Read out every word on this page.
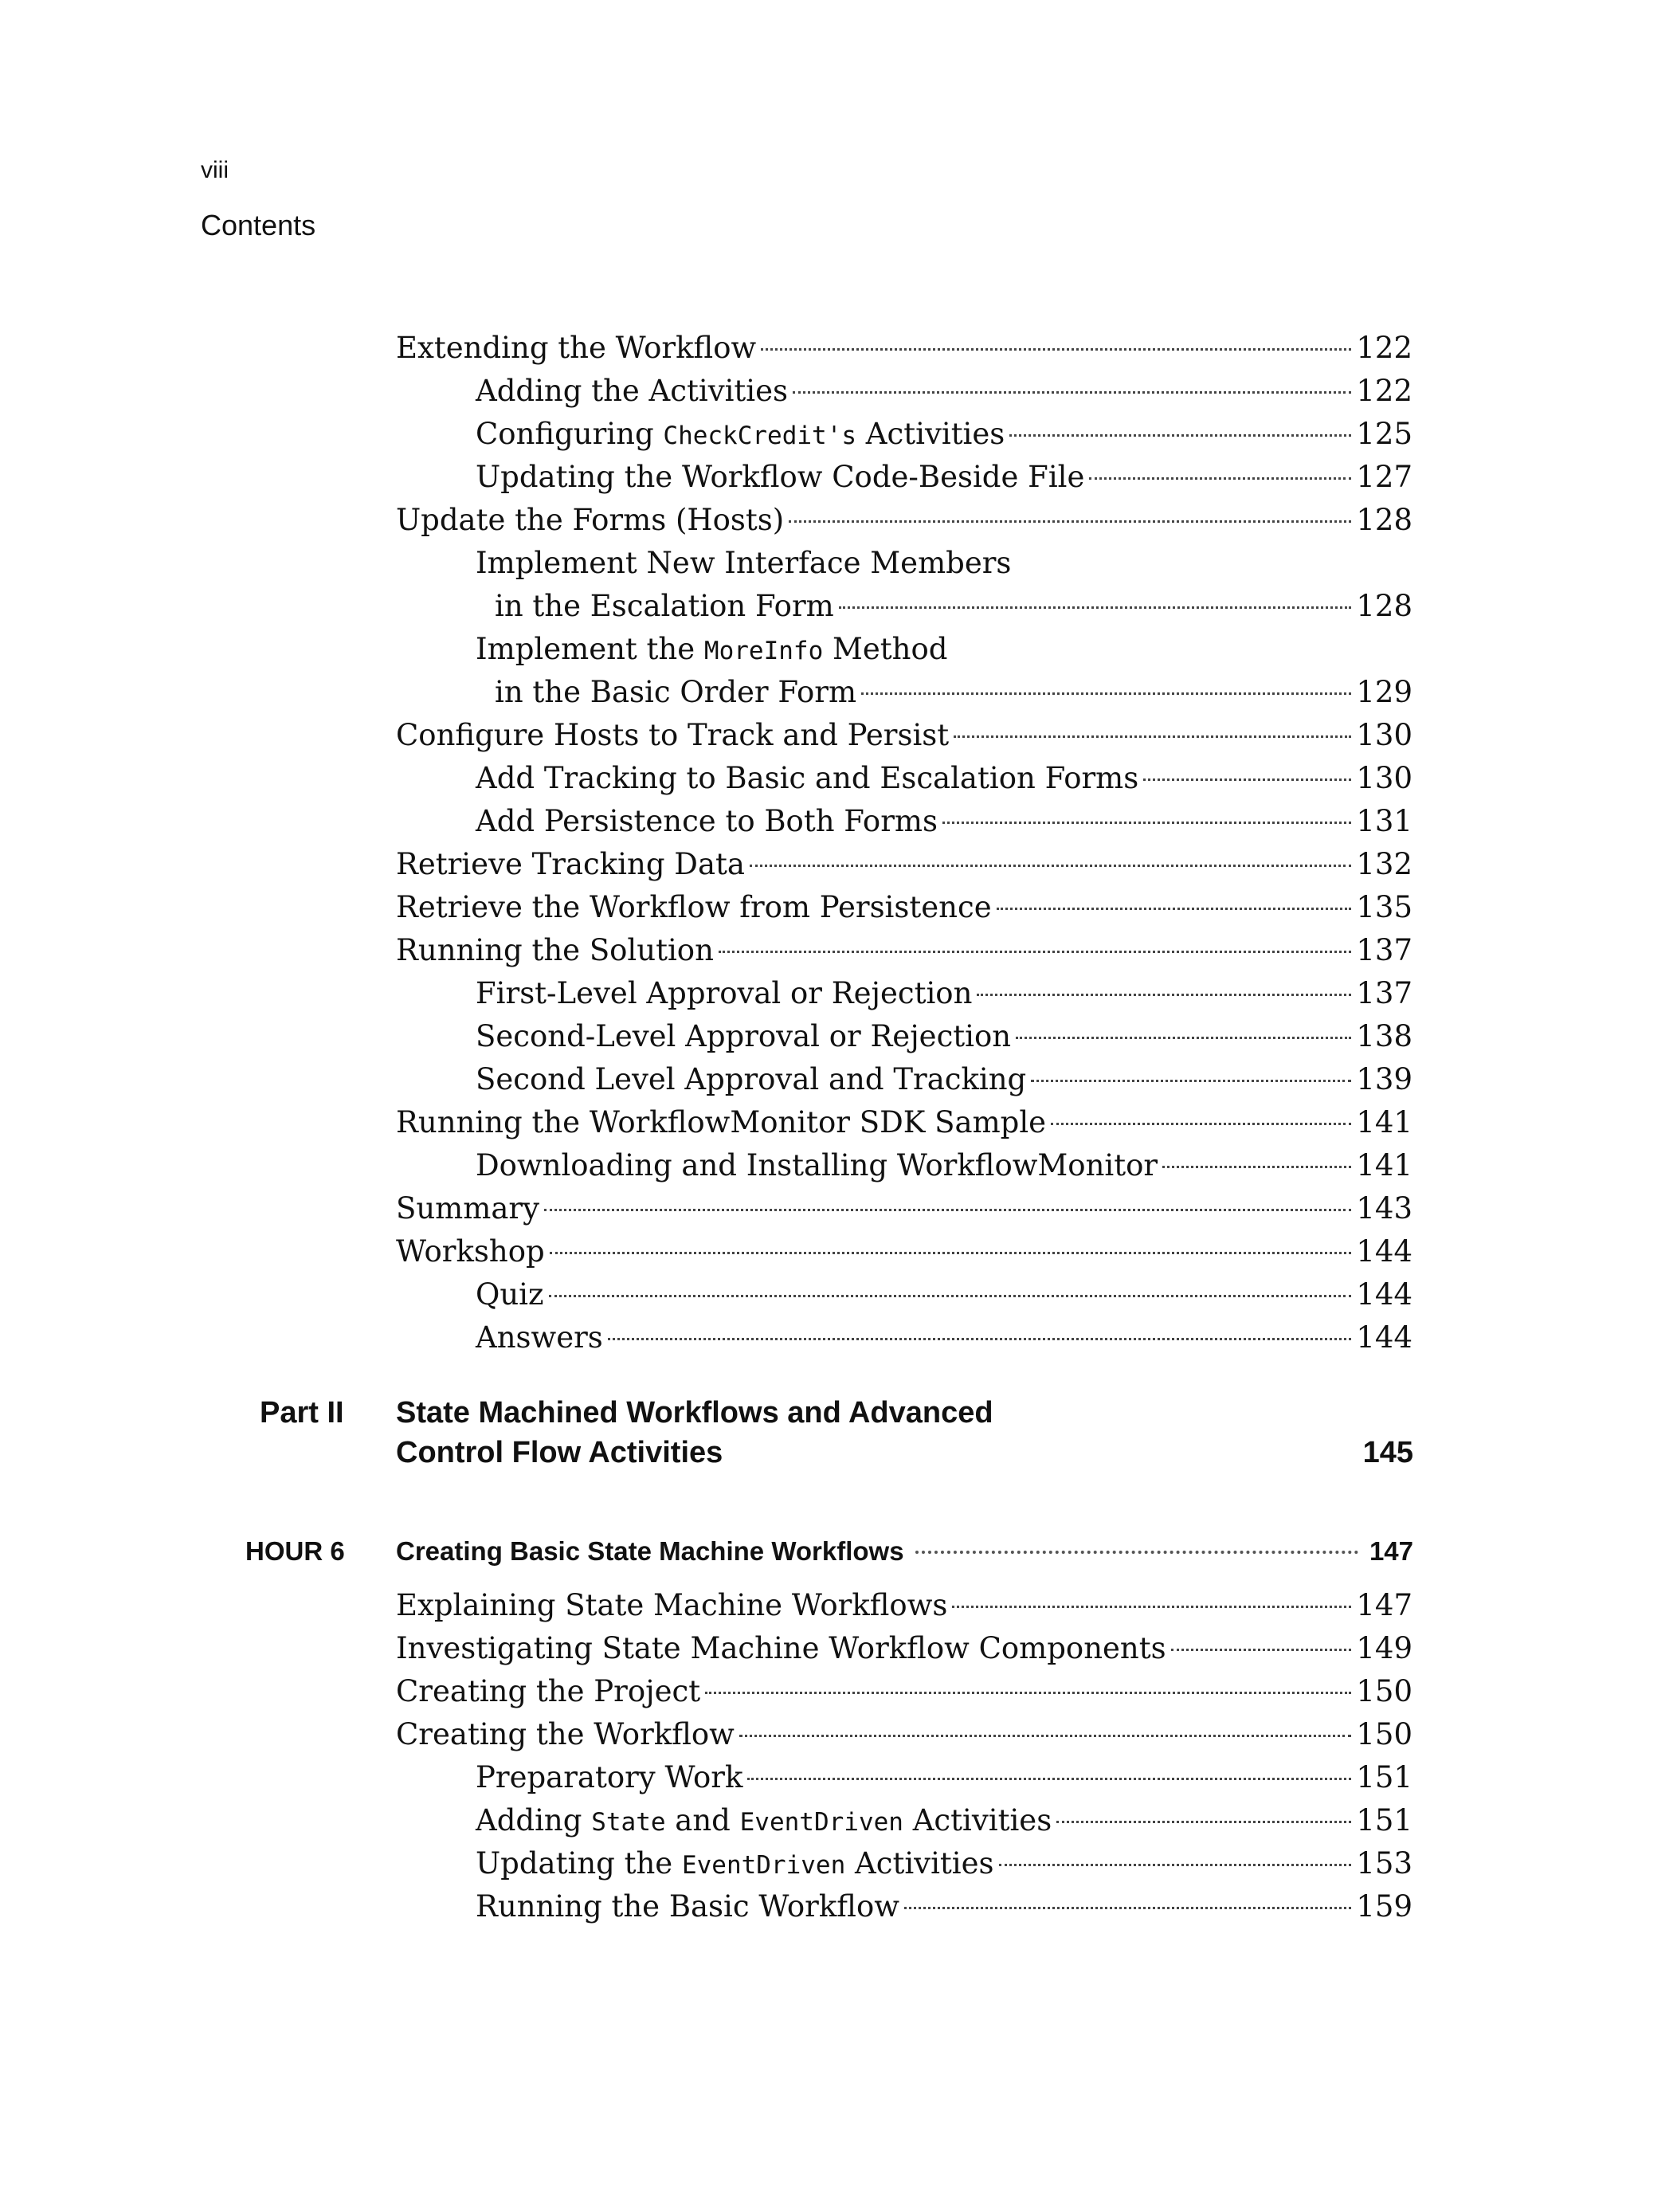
viii
Contents
Extending the Workflow	122
Adding the Activities	122
Configuring CheckCredit's Activities	125
Updating the Workflow Code-Beside File	127
Update the Forms (Hosts)	128
Implement New Interface Members
in the Escalation Form	128
Implement the MoreInfo Method
in the Basic Order Form	129
Configure Hosts to Track and Persist	130
Add Tracking to Basic and Escalation Forms	130
Add Persistence to Both Forms	131
Retrieve Tracking Data	132
Retrieve the Workflow from Persistence	135
Running the Solution	137
First-Level Approval or Rejection	137
Second-Level Approval or Rejection	138
Second Level Approval and Tracking	139
Running the WorkflowMonitor SDK Sample	141
Downloading and Installing WorkflowMonitor	141
Summary	143
Workshop	144
Quiz	144
Answers	144
Part II State Machined Workflows and Advanced
Control Flow Activities	145
HOUR 6 Creating Basic State Machine Workflows	147
Explaining State Machine Workflows	147
Investigating State Machine Workflow Components	149
Creating the Project	150
Creating the Workflow	150
Preparatory Work	151
Adding State and EventDriven Activities	151
Updating the EventDriven Activities	153
Running the Basic Workflow	159
